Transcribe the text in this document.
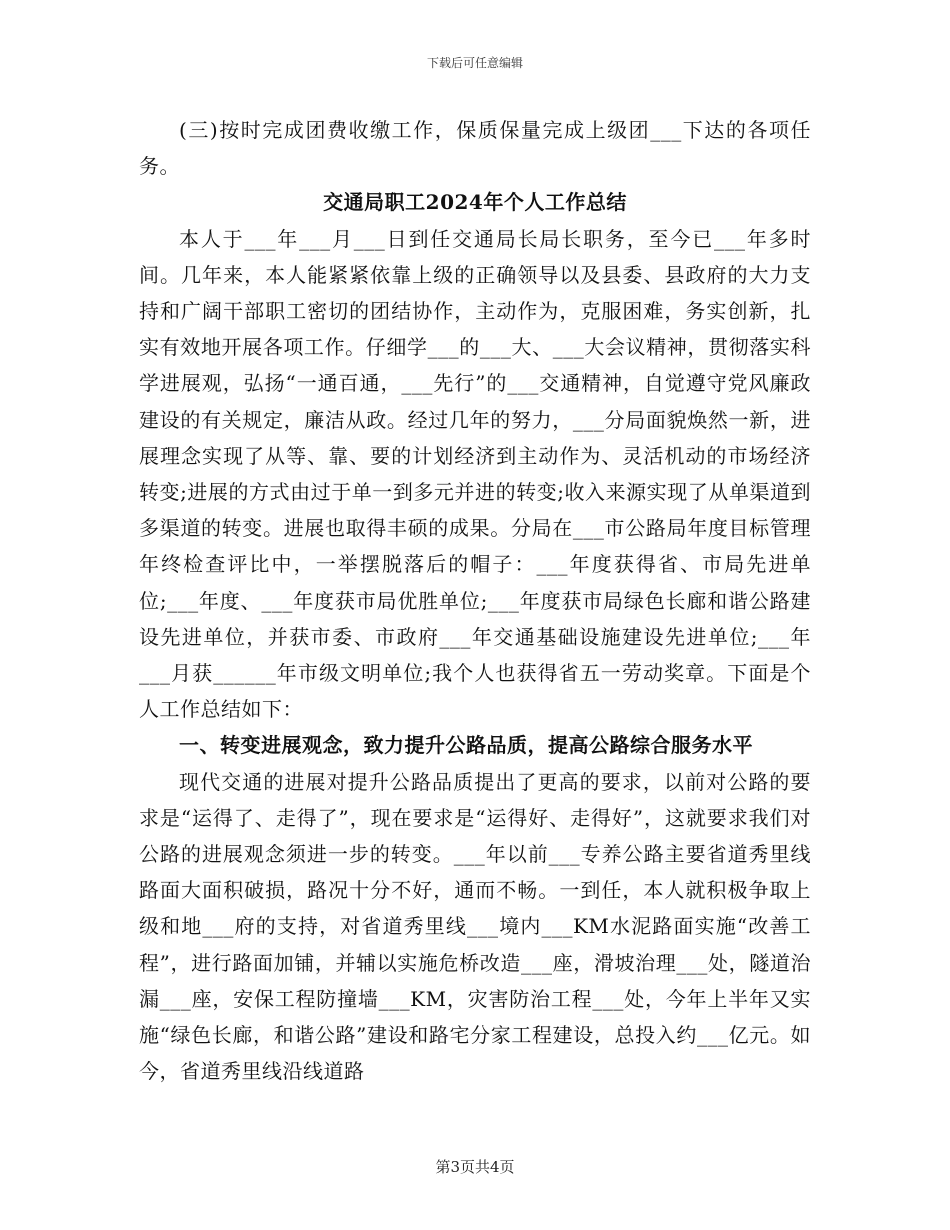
下载后可任意编辑

(三)按时完成团费收缴工作，保质保量完成上级团___下达的各项任务。

交通局职工2024年个人工作总结

本人于___年___月___日到任交通局长局长职务，至今已___年多时间。几年来，本人能紧紧依靠上级的正确领导以及县委、县政府的大力支持和广阔干部职工密切的团结协作，主动作为，克服困难，务实创新，扎实有效地开展各项工作。仔细学___的___大、___大会议精神，贯彻落实科学进展观，弘扬“一通百通，___先行”的___交通精神，自觉遵守党风廉政建设的有关规定，廉洁从政。经过几年的努力，___分局面貌焕然一新，进展理念实现了从等、靠、要的计划经济到主动作为、灵活机动的市场经济转变;进展的方式由过于单一到多元并进的转变;收入来源实现了从单渠道到多渠道的转变。进展也取得丰硕的成果。分局在___市公路局年度目标管理年终检查评比中，一举摆脱落后的帽子：___年度获得省、市局先进单位;___年度、___年度获市局优胜单位;___年度获市局绿色长廊和谐公路建设先进单位，并获市委、市政府___年交通基础设施建设先进单位;___年___月获______年市级文明单位;我个人也获得省五一劳动奖章。下面是个人工作总结如下：

一、转变进展观念，致力提升公路品质，提高公路综合服务水平

现代交通的进展对提升公路品质提出了更高的要求，以前对公路的要求是“运得了、走得了”，现在要求是“运得好、走得好”，这就要求我们对公路的进展观念须进一步的转变。___年以前___专养公路主要省道秀里线路面大面积破损，路况十分不好，通而不畅。一到任，本人就积极争取上级和地___府的支持，对省道秀里线___境内___KM水泥路面实施“改善工程”，进行路面加铺，并辅以实施危桥改造___座，滑坡治理___处，隧道治漏___座，安保工程防撞墙___KM，灾害防治工程___处，今年上半年又实施“绿色长廊，和谐公路”建设和路宅分家工程建设，总投入约___亿元。如今，省道秀里线沿线道路

第3页共4页
